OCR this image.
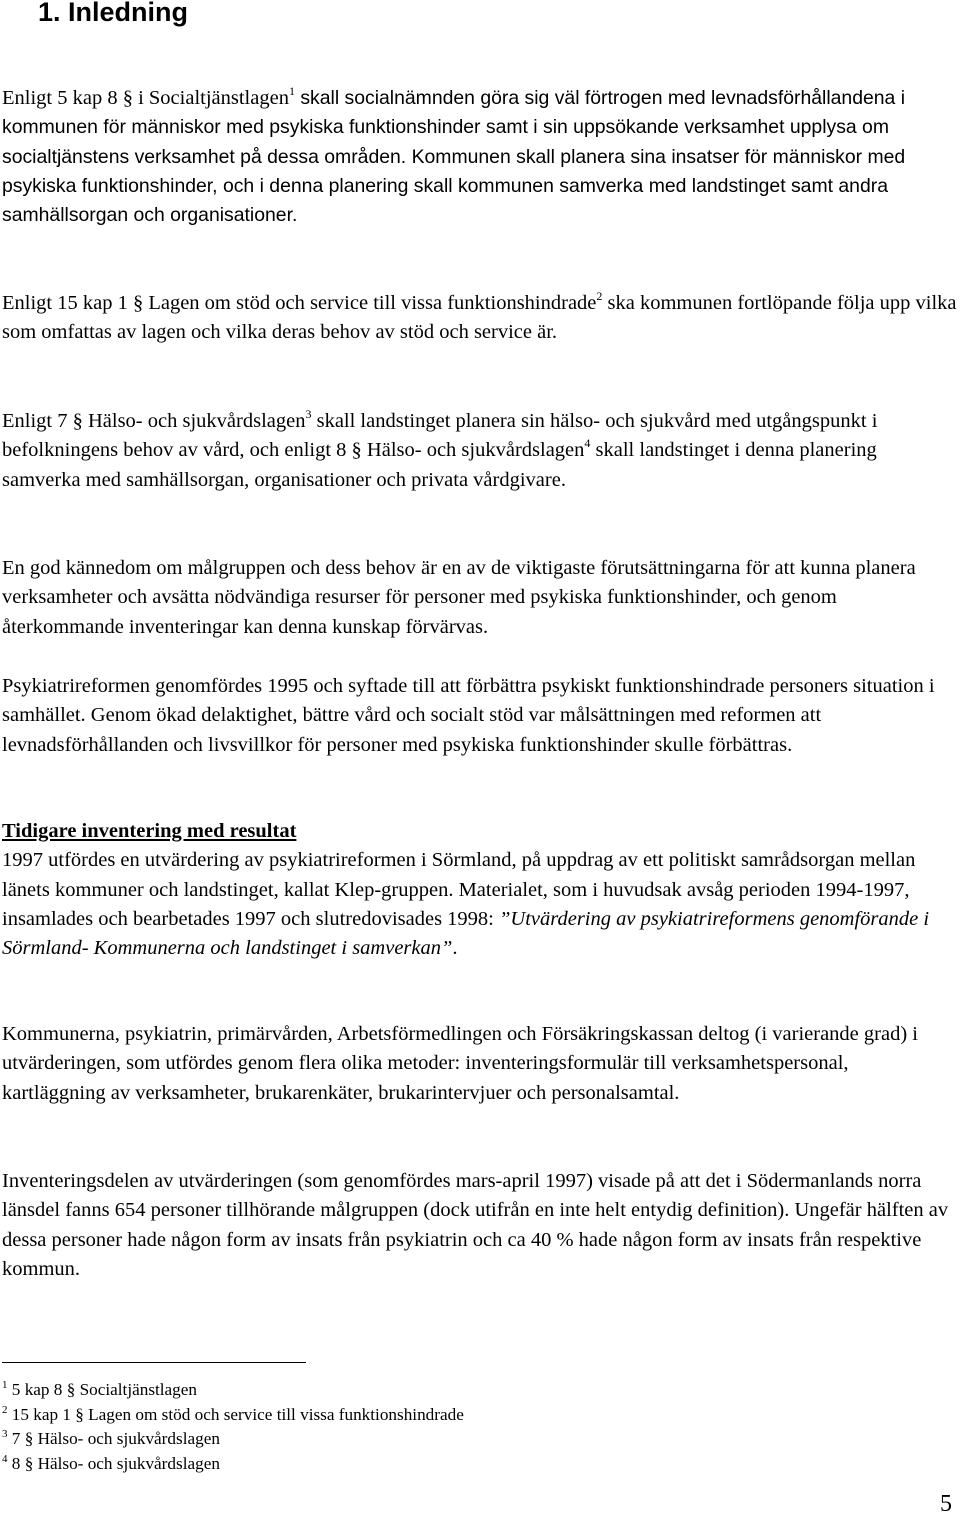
1. Inledning

Enligt 5 kap 8 § i Socialtjänstlagen$^1$ skall socialnämnden göra sig väl förtrogen med levnadsförhållandena i kommunen för människor med psykiska funktionshinder samt i sin uppsökande verksamhet upplysa om socialtjänstens verksamhet på dessa områden. Kommunen skall planera sina insatser för människor med psykiska funktionshinder, och i denna planering skall kommunen samverka med landstinget samt andra samhällsorgan och organisationer.

Enligt 15 kap 1 § Lagen om stöd och service till vissa funktionshindrade$^2$ ska kommunen fortlöpande följa upp vilka som omfattas av lagen och vilka deras behov av stöd och service är.

Enligt 7 § Hälso- och sjukvårdslagen$^3$ skall landstinget planera sin hälso- och sjukvård med utgångspunkt i befolkningens behov av vård, och enligt 8 § Hälso- och sjukvårdslagen$^4$ skall landstinget i denna planering samverka med samhällsorgan, organisationer och privata vårdgivare.

En god kännedom om målgruppen och dess behov är en av de viktigaste förutsättningarna för att kunna planera verksamheter och avsätta nödvändiga resurser för personer med psykiska funktionshinder, och genom återkommande inventeringar kan denna kunskap förvärvas.

Psykiatrireformen genomfördes 1995 och syftade till att förbättra psykiskt funktionshindrade personers situation i samhället. Genom ökad delaktighet, bättre vård och socialt stöd var målsättningen med reformen att levnadsförhållanden och livsvillkor för personer med psykiska funktionshinder skulle förbättras.

Tidigare inventering med resultat
1997 utfördes en utvärdering av psykiatrireformen i Sörmland, på uppdrag av ett politiskt samrådsorgan mellan länets kommuner och landstinget, kallat Klep-gruppen. Materialet, som i huvudsak avsåg perioden 1994-1997, insamlades och bearbetades 1997 och slutredovisades 1998: ”Utvärdering av psykiatrireformens genomförande i Sörmland- Kommunerna och landstinget i samverkan”.

Kommunerna, psykiatrin, primärvården, Arbetsförmedlingen och Försäkringskassan deltog (i varierande grad) i utvärderingen, som utfördes genom flera olika metoder: inventeringsformulär till verksamhetspersonal, kartläggning av verksamheter, brukarenkäter, brukarintervjuer och personalsamtal.

Inventeringsdelen av utvärderingen (som genomfördes mars-april 1997) visade på att det i Södermanlands norra länsdel fanns 654 personer tillhörande målgruppen (dock utifrån en inte helt entydig definition). Ungefär hälften av dessa personer hade någon form av insats från psykiatrin och ca 40 % hade någon form av insats från respektive kommun.

$^1$ 5 kap 8 § Socialtjänstlagen
$^2$ 15 kap 1 § Lagen om stöd och service till vissa funktionshindrade
$^3$ 7 § Hälso- och sjukvårdslagen
$^4$ 8 § Hälso- och sjukvårdslagen
5
